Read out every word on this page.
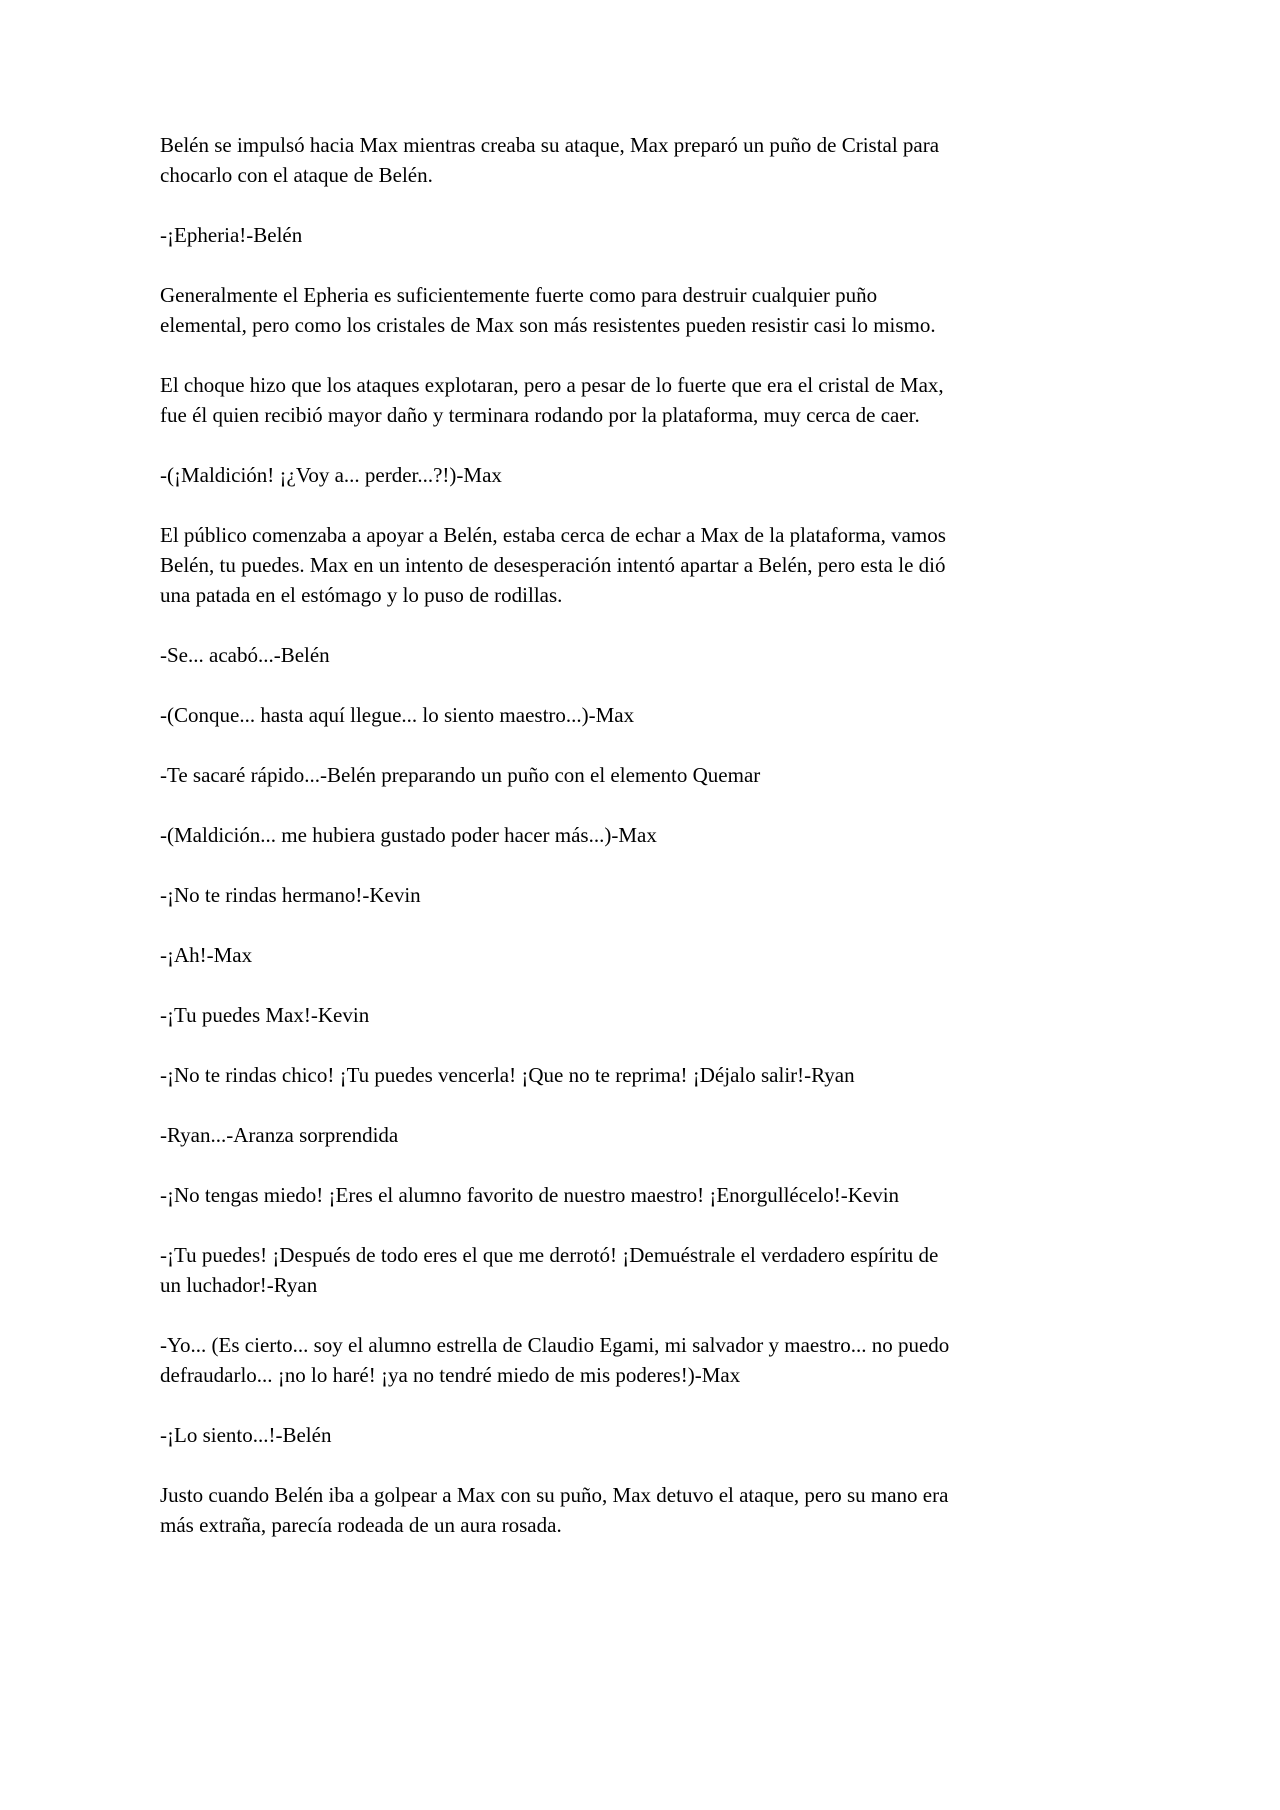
Belén se impulsó hacia Max mientras creaba su ataque, Max preparó un puño de Cristal para chocarlo con el ataque de Belén.

-¡Epheria!-Belén

Generalmente el Epheria es suficientemente fuerte como para destruir cualquier puño elemental, pero como los cristales de Max son más resistentes pueden resistir casi lo mismo.

El choque hizo que los ataques explotaran, pero a pesar de lo fuerte que era el cristal de Max, fue él quien recibió mayor daño y terminara rodando por la plataforma, muy cerca de caer.

-(¡Maldición! ¡¿Voy a... perder...?!)-Max

El público comenzaba a apoyar a Belén, estaba cerca de echar a Max de la plataforma, vamos Belén, tu puedes. Max en un intento de desesperación intentó apartar a Belén, pero esta le dió una patada en el estómago y lo puso de rodillas.

-Se... acabó...-Belén

-(Conque... hasta aquí llegue... lo siento maestro...)-Max

-Te sacaré rápido...-Belén preparando un puño con el elemento Quemar

-(Maldición... me hubiera gustado poder hacer más...)-Max

-¡No te rindas hermano!-Kevin

-¡Ah!-Max

-¡Tu puedes Max!-Kevin

-¡No te rindas chico! ¡Tu puedes vencerla! ¡Que no te reprima! ¡Déjalo salir!-Ryan

-Ryan...-Aranza sorprendida

-¡No tengas miedo! ¡Eres el alumno favorito de nuestro maestro! ¡Enorgullécelo!-Kevin

-¡Tu puedes! ¡Después de todo eres el que me derrotó! ¡Demuéstrale el verdadero espíritu de un luchador!-Ryan

-Yo... (Es cierto... soy el alumno estrella de Claudio Egami, mi salvador y maestro... no puedo defraudarlo... ¡no lo haré! ¡ya no tendré miedo de mis poderes!)-Max

-¡Lo siento...!-Belén

Justo cuando Belén iba a golpear a Max con su puño, Max detuvo el ataque, pero su mano era más extraña, parecía rodeada de un aura rosada.
